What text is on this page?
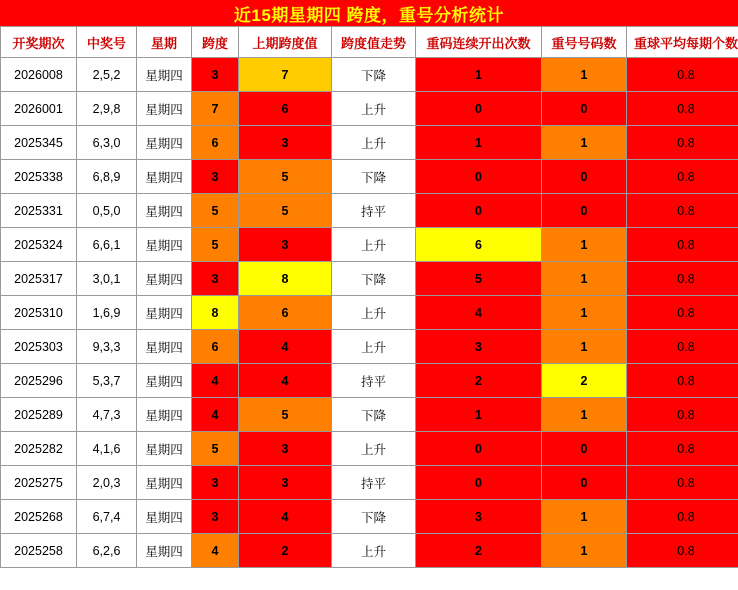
近15期星期四 跨度，重号分析统计
开奖期次	中奖号	星期	跨度	上期跨度值	跨度值走势	重码连续开出次数	重号号码数	重球平均每期个数
2026008	2,5,2	星期四	3	7	下降	1	1	0.8
2026001	2,9,8	星期四	7	6	上升	0	0	0.8
2025345	6,3,0	星期四	6	3	上升	1	1	0.8
2025338	6,8,9	星期四	3	5	下降	0	0	0.8
2025331	0,5,0	星期四	5	5	持平	0	0	0.8
2025324	6,6,1	星期四	5	3	上升	6	1	0.8
2025317	3,0,1	星期四	3	8	下降	5	1	0.8
2025310	1,6,9	星期四	8	6	上升	4	1	0.8
2025303	9,3,3	星期四	6	4	上升	3	1	0.8
2025296	5,3,7	星期四	4	4	持平	2	2	0.8
2025289	4,7,3	星期四	4	5	下降	1	1	0.8
2025282	4,1,6	星期四	5	3	上升	0	0	0.8
2025275	2,0,3	星期四	3	3	持平	0	0	0.8
2025268	6,7,4	星期四	3	4	下降	3	1	0.8
2025258	6,2,6	星期四	4	2	上升	2	1	0.8
